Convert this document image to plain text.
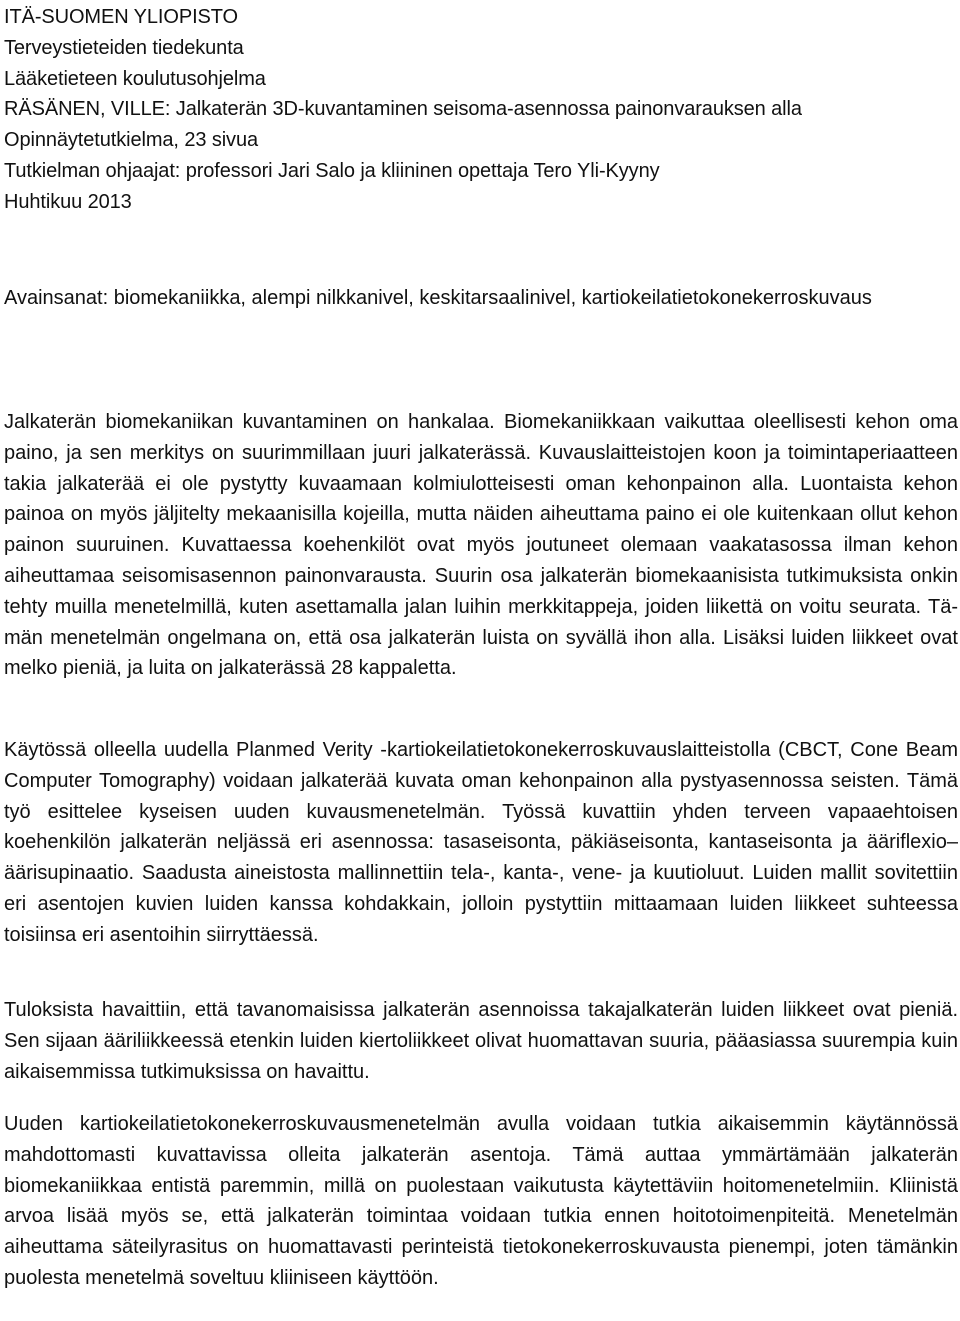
ITÄ-SUOMEN YLIOPISTO
Terveystieteiden tiedekunta
Lääketieteen koulutusohjelma
RÄSÄNEN, VILLE: Jalkaterän 3D-kuvantaminen seisoma-asennossa painonvarauksen alla
Opinnäytetutkielma, 23 sivua
Tutkielman ohjaajat: professori Jari Salo ja kliininen opettaja Tero Yli-Kyyny
Huhtikuu 2013
Avainsanat: biomekaniikka, alempi nilkkanivel, keskitarsaalinivel, kartiokeilatietokonekerroskuvaus

Jalkaterän biomekaniikan kuvantaminen on hankalaa. Biomekaniikkaan vaikuttaa oleellisesti kehon oma paino, ja sen merkitys on suurimmillaan juuri jalkaterässä. Kuvauslaitteistojen koon ja toimintaperiaatteen takia jalkaterää ei ole pystytty kuvaamaan kolmiulotteisesti oman kehonpainon alla. Luontaista kehon painoa on myös jäljitelty mekaanisilla kojeilla, mutta näiden aiheuttama paino ei ole kuitenkaan ollut kehon painon suuruinen. Kuvattaessa koehenkilöt ovat myös joutuneet olemaan vaakatasossa ilman kehon aiheuttamaa seisomisasennon painonvarausta. Suurin osa jalkaterän biomekaanisista tutkimuksista onkin tehty muilla menetelmillä, kuten asettamalla jalan luihin merkkitappeja, joiden liikettä on voitu seurata. Tämän menetelmän ongelmana on, että osa jalkaterän luista on syvällä ihon alla. Lisäksi luiden liikkeet ovat melko pieniä, ja luita on jalkaterässä 28 kappaletta.

Käytössä olleella uudella Planmed Verity -kartiokeilatietokonekerroskuvauslaitteistolla (CBCT, Cone Beam Computer Tomography) voidaan jalkaterää kuvata oman kehonpainon alla pystyasennossa seisten. Tämä työ esittelee kyseisen uuden kuvausmenetelmän. Työssä kuvattiin yhden terveen vapaaehtoisen koehenkilön jalkaterän neljässä eri asennossa: tasaseisonta, päkiäseisonta, kantaseisonta ja ääriflexio–äärisupinaatio. Saadusta aineistosta mallinnettiin tela-, kanta-, vene- ja kuutioluut. Luiden mallit sovitettiin eri asentojen kuvien luiden kanssa kohdakkain, jolloin pystyttiin mittaamaan luiden liikkeet suhteessa toisiinsa eri asentoihin siirryttäessä.

Tuloksista havaittiin, että tavanomaisissa jalkaterän asennoissa takajalkaterän luiden liikkeet ovat pieniä. Sen sijaan ääriliikkeessä etenkin luiden kiertoliikkeet olivat huomattavan suuria, pääasiassa suurempia kuin aikaisemmissa tutkimuksissa on havaittu.

Uuden kartiokeilatietokonekerroskuvausmenetelmän avulla voidaan tutkia aikaisemmin käytännössä mahdottomasti kuvattavissa olleita jalkaterän asentoja. Tämä auttaa ymmärtämään jalkaterän biomekaniikkaa entistä paremmin, millä on puolestaan vaikutusta käytettäviin hoitomenetelmiin. Kliinistä arvoa lisää myös se, että jalkaterän toimintaa voidaan tutkia ennen hoitotoimenpiteitä. Menetelmän aiheuttama säteilyrasitus on huomattavasti perinteistä tietokonekerroskuvausta pienempi, joten tämänkin puolesta menetelmä soveltuu kliiniseen käyttöön.
